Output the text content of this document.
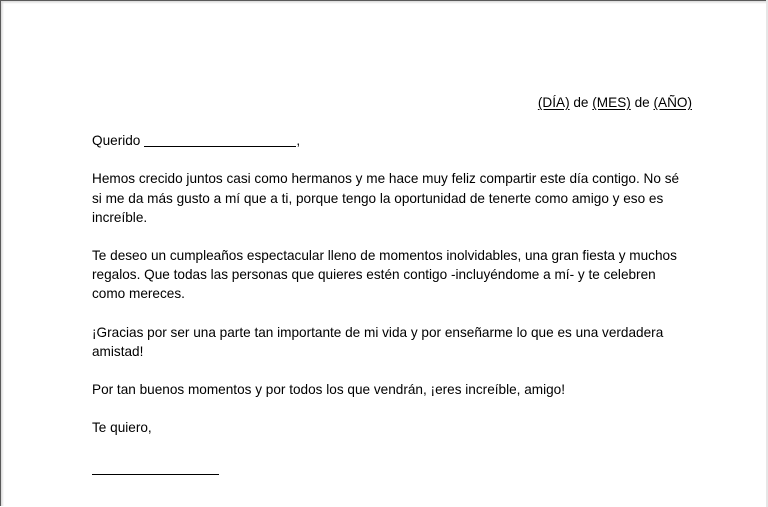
(DÍA) de (MES) de (AÑO)
Querido	,

Hemos crecido juntos casi como hermanos y me hace muy feliz compartir este día contigo. No sé si me da más gusto a mí que a ti, porque tengo la oportunidad de tenerte como amigo y eso es increíble.

Te deseo un cumpleaños espectacular lleno de momentos inolvidables, una gran fiesta y muchos regalos. Que todas las personas que quieres estén contigo -incluyéndome a mí- y te celebren como mereces.

¡Gracias por ser una parte tan importante de mi vida y por enseñarme lo que es una verdadera amistad!

Por tan buenos momentos y por todos los que vendrán, ¡eres increíble, amigo!

Te quiero,
